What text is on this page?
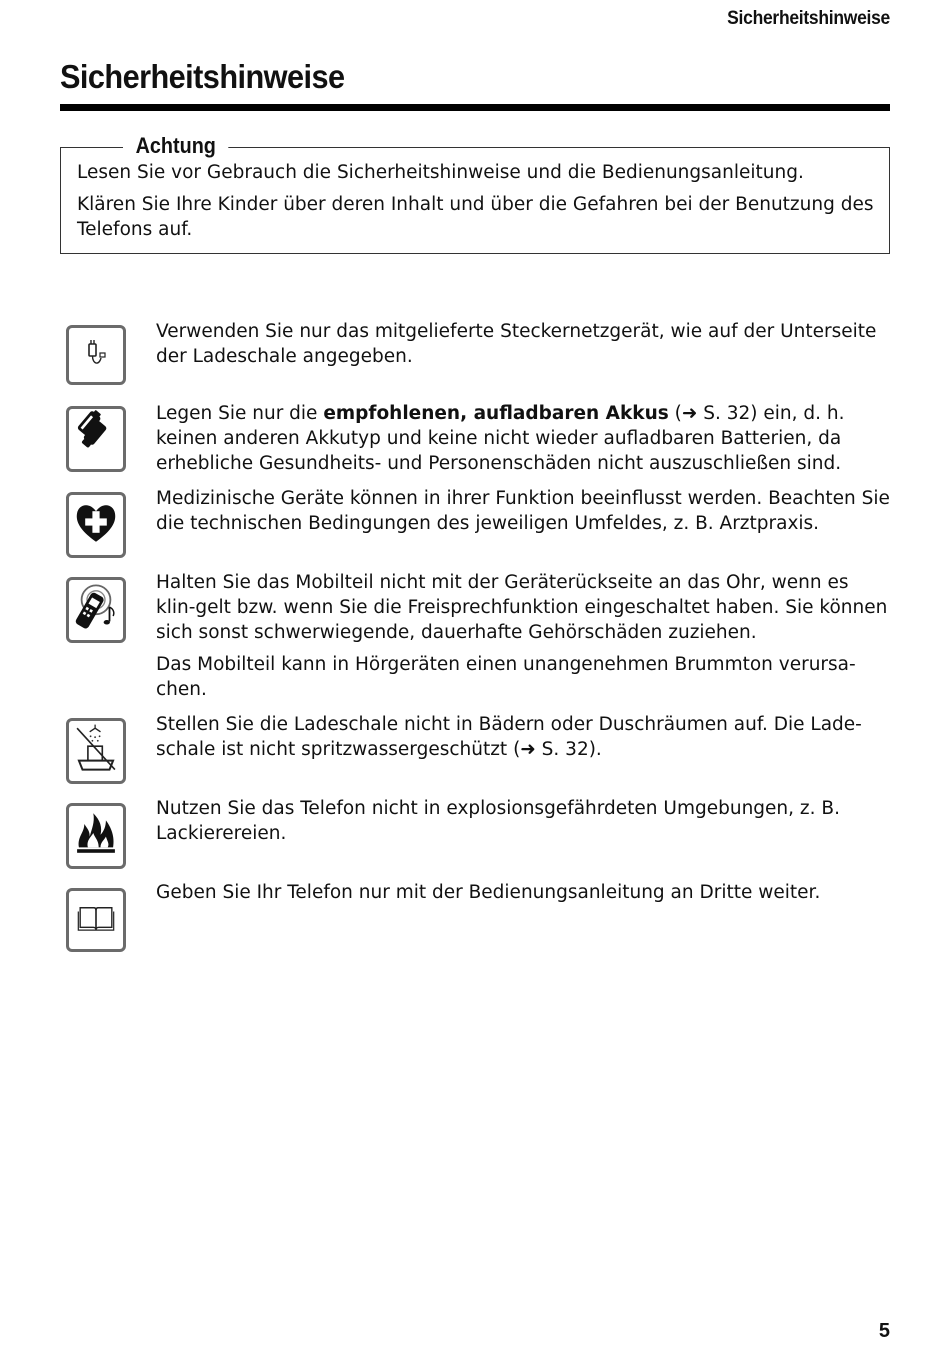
Sicherheitshinweise
Sicherheitshinweise
Achtung

Lesen Sie vor Gebrauch die Sicherheitshinweise und die Bedienungsanleitung.

Klären Sie Ihre Kinder über deren Inhalt und über die Gefahren bei der Benutzung des Telefons auf.

Verwenden Sie nur das mitgelieferte Steckernetzgerät, wie auf der Unterseite der Ladeschale angegeben.

Legen Sie nur die empfohlenen, aufladbaren Akkus (➜ S. 32) ein, d. h. keinen anderen Akkutyp und keine nicht wieder aufladbaren Batterien, da erhebliche Gesundheits- und Personenschäden nicht auszuschließen sind.

Medizinische Geräte können in ihrer Funktion beeinflusst werden. Beachten Sie die technischen Bedingungen des jeweiligen Umfeldes, z. B. Arztpraxis.

Halten Sie das Mobilteil nicht mit der Geräterückseite an das Ohr, wenn es klin-gelt bzw. wenn Sie die Freisprechfunktion eingeschaltet haben. Sie können sich sonst schwerwiegende, dauerhafte Gehörschäden zuziehen.

Das Mobilteil kann in Hörgeräten einen unangenehmen Brummton verursa-chen.

Stellen Sie die Ladeschale nicht in Bädern oder Duschräumen auf. Die Lade-schale ist nicht spritzwassergeschützt (➜ S. 32).

Nutzen Sie das Telefon nicht in explosionsgefährdeten Umgebungen, z. B. Lackierereien.

Geben Sie Ihr Telefon nur mit der Bedienungsanleitung an Dritte weiter.

5
